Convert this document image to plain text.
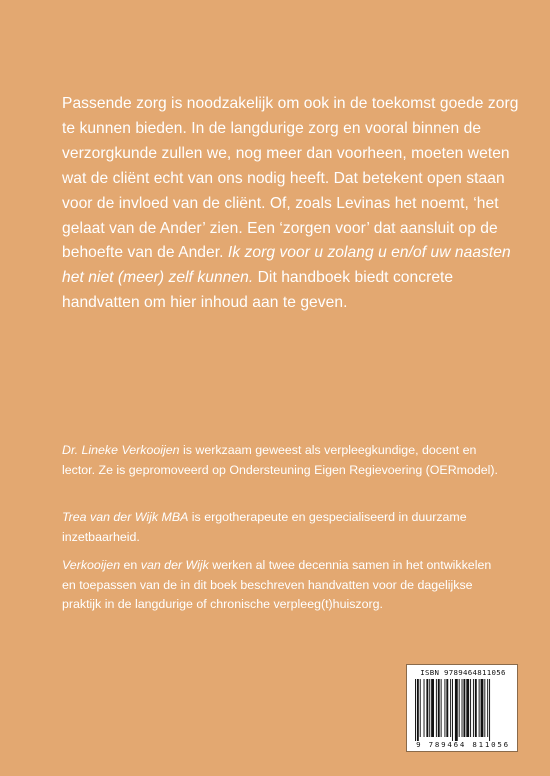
Passende zorg is noodzakelijk om ook in de toekomst goede zorg te kunnen bieden. In de langdurige zorg en vooral binnen de verzorgkunde zullen we, nog meer dan voorheen, moeten weten wat de cliënt echt van ons nodig heeft. Dat betekent open staan voor de invloed van de cliënt. Of, zoals Levinas het noemt, ‘het gelaat van de Ander’ zien. Een ‘zorgen voor’ dat aansluit op de behoefte van de Ander. Ik zorg voor u zolang u en/of uw naasten het niet (meer) zelf kunnen. Dit handboek biedt concrete handvatten om hier inhoud aan te geven.

Dr. Lineke Verkooijen is werkzaam geweest als verpleegkundige, docent en lector. Ze is gepromoveerd op Ondersteuning Eigen Regievoering (OERmodel).

Trea van der Wijk MBA is ergotherapeute en gespecialiseerd in duurzame inzetbaarheid.

Verkooijen en van der Wijk werken al twee decennia samen in het ontwikkelen en toepassen van de in dit boek beschreven handvatten voor de dagelijkse praktijk in de langdurige of chronische verpleeg(t)huiszorg.

ISBN 9789464811056
9 789464 811056
